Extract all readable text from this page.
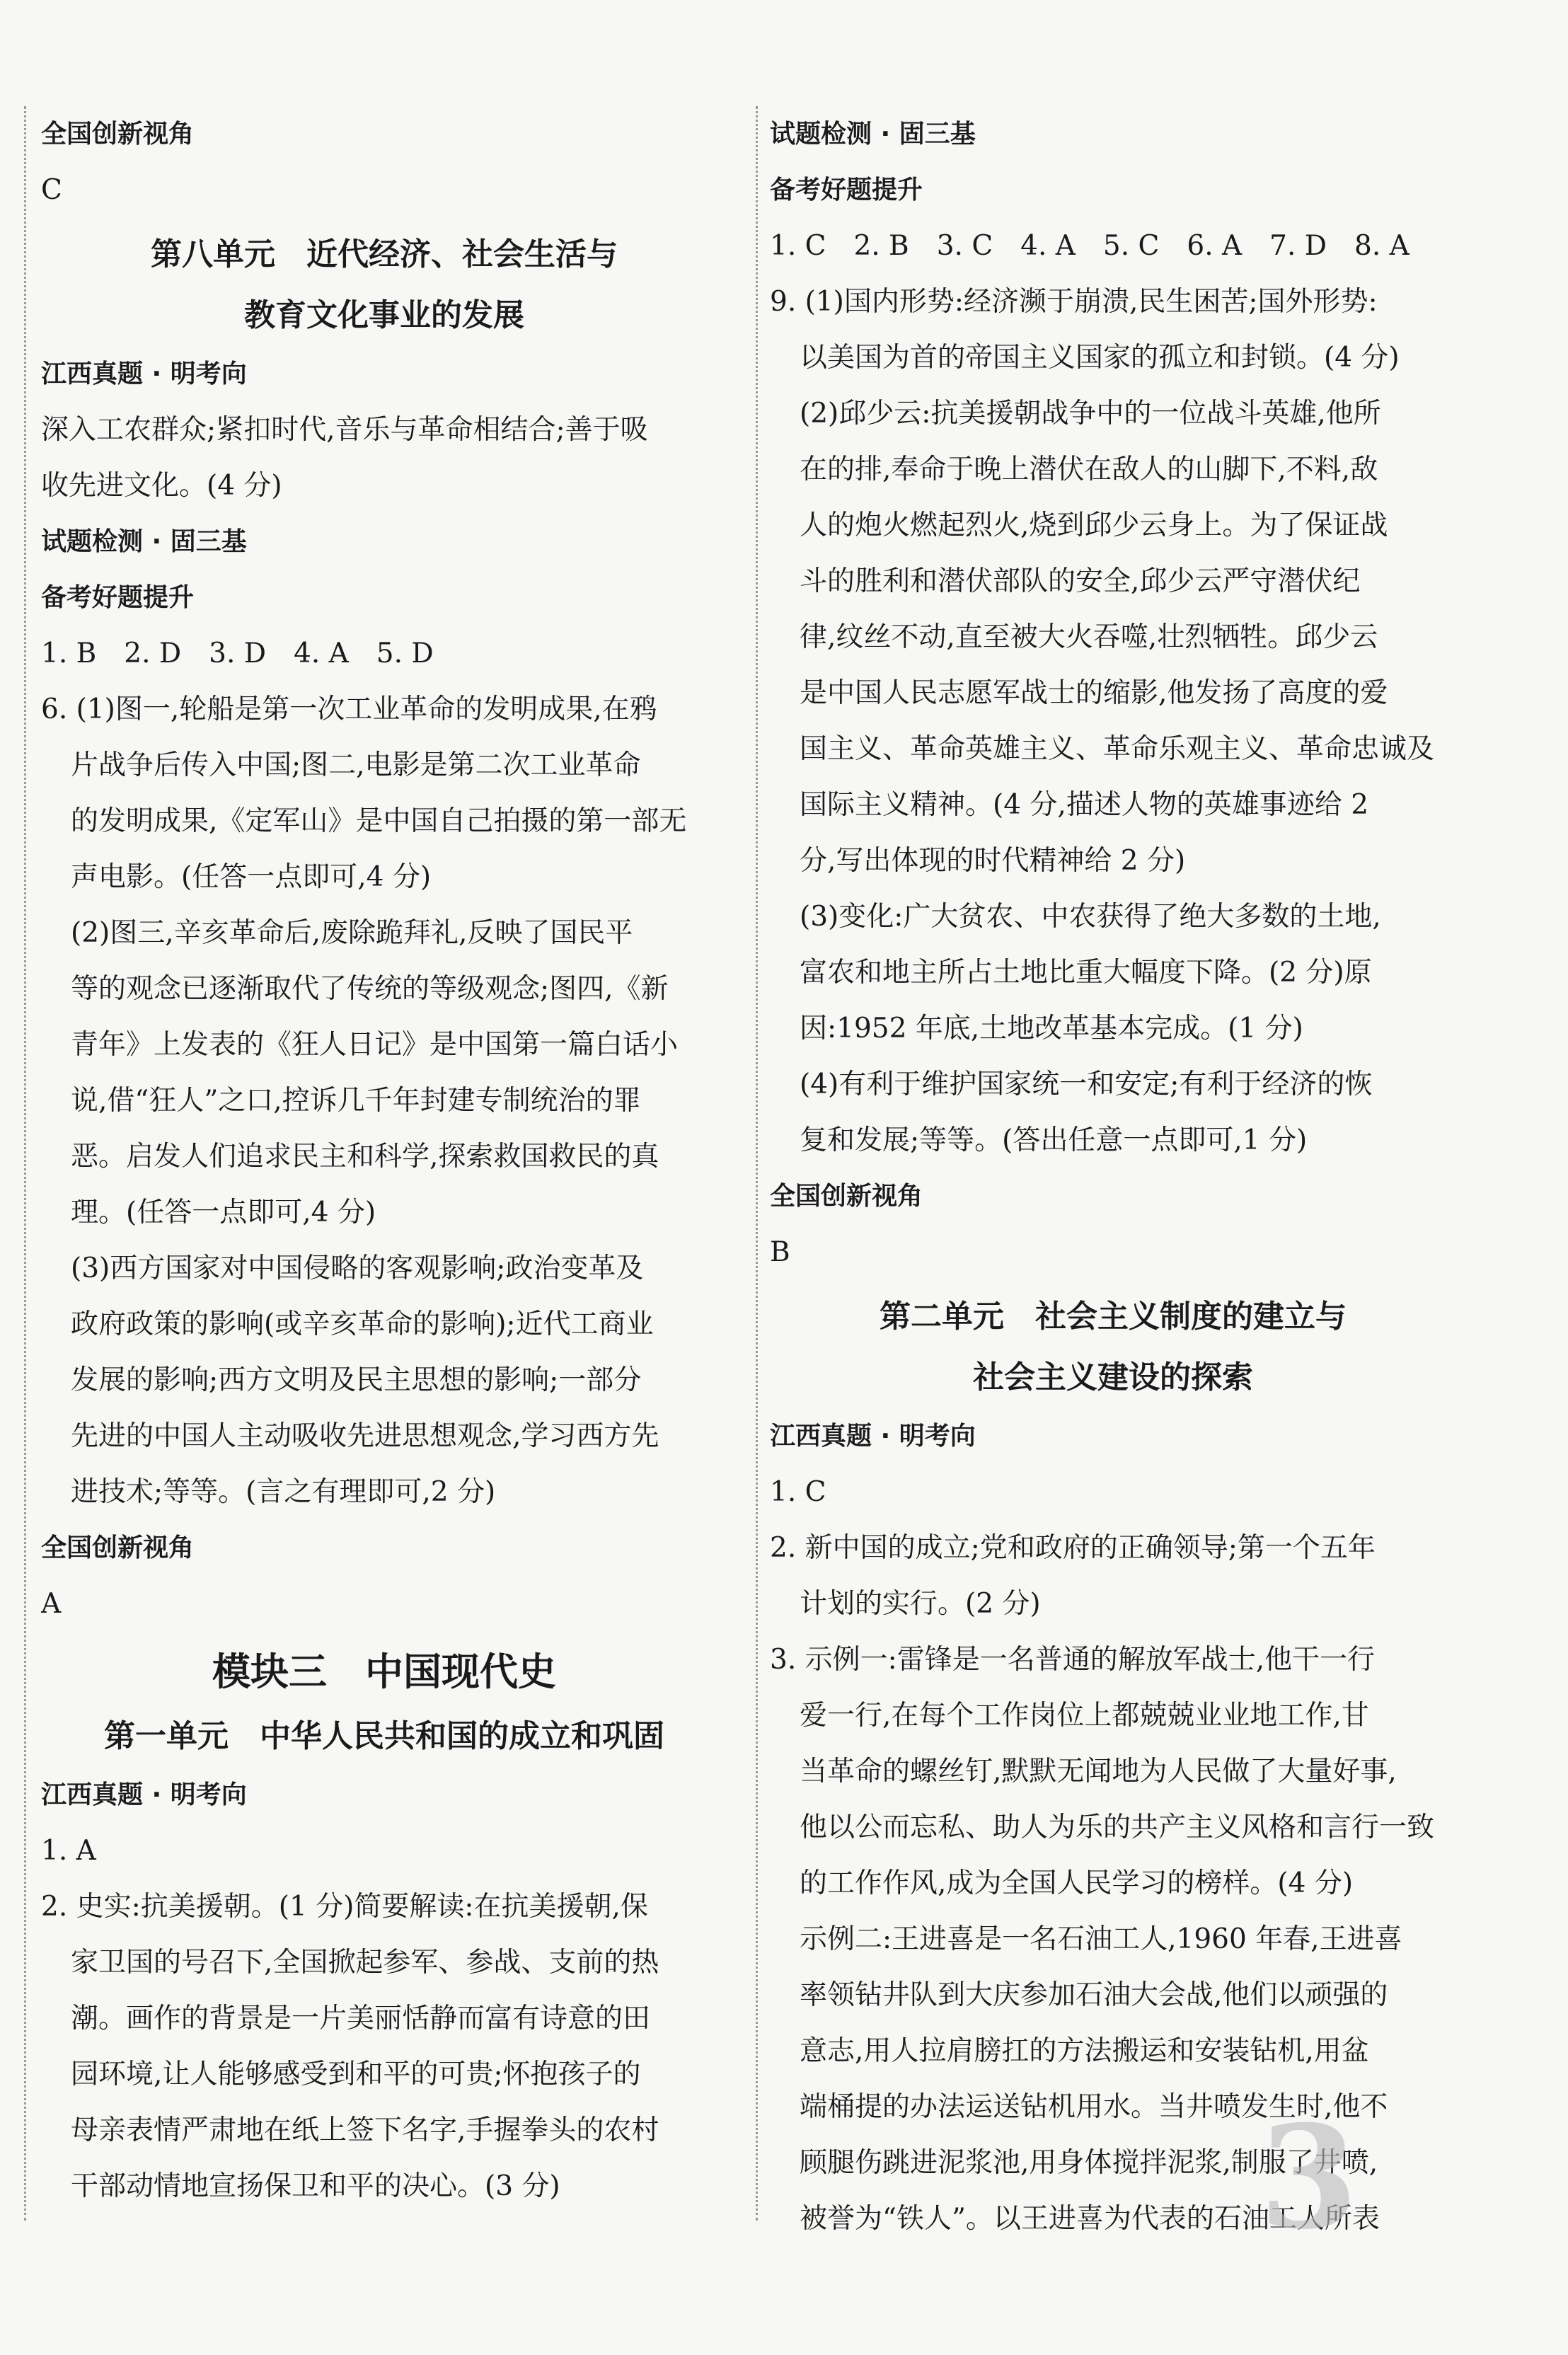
全国创新视角
C
第八单元　近代经济、社会生活与
教育文化事业的发展
江西真题 · 明考向
深入工农群众;紧扣时代,音乐与革命相结合;善于吸
收先进文化。(4 分)
试题检测 · 固三基
备考好题提升
1. B　2. D　3. D　4. A　5. D
6. (1)图一,轮船是第一次工业革命的发明成果,在鸦
片战争后传入中国;图二,电影是第二次工业革命
的发明成果,《定军山》是中国自己拍摄的第一部无
声电影。(任答一点即可,4 分)
(2)图三,辛亥革命后,废除跪拜礼,反映了国民平
等的观念已逐渐取代了传统的等级观念;图四,《新
青年》上发表的《狂人日记》是中国第一篇白话小
说,借“狂人”之口,控诉几千年封建专制统治的罪
恶。启发人们追求民主和科学,探索救国救民的真
理。(任答一点即可,4 分)
(3)西方国家对中国侵略的客观影响;政治变革及
政府政策的影响(或辛亥革命的影响);近代工商业
发展的影响;西方文明及民主思想的影响;一部分
先进的中国人主动吸收先进思想观念,学习西方先
进技术;等等。(言之有理即可,2 分)
全国创新视角
A
模块三　中国现代史
第一单元　中华人民共和国的成立和巩固
江西真题 · 明考向
1. A
2. 史实:抗美援朝。(1 分)简要解读:在抗美援朝,保
家卫国的号召下,全国掀起参军、参战、支前的热
潮。画作的背景是一片美丽恬静而富有诗意的田
园环境,让人能够感受到和平的可贵;怀抱孩子的
母亲表情严肃地在纸上签下名字,手握拳头的农村
干部动情地宣扬保卫和平的决心。(3 分)
试题检测 · 固三基
备考好题提升
1. C　2. B　3. C　4. A　5. C　6. A　7. D　8. A
9. (1)国内形势:经济濒于崩溃,民生困苦;国外形势:
以美国为首的帝国主义国家的孤立和封锁。(4 分)
(2)邱少云:抗美援朝战争中的一位战斗英雄,他所
在的排,奉命于晚上潜伏在敌人的山脚下,不料,敌
人的炮火燃起烈火,烧到邱少云身上。为了保证战
斗的胜利和潜伏部队的安全,邱少云严守潜伏纪
律,纹丝不动,直至被大火吞噬,壮烈牺牲。邱少云
是中国人民志愿军战士的缩影,他发扬了高度的爱
国主义、革命英雄主义、革命乐观主义、革命忠诚及
国际主义精神。(4 分,描述人物的英雄事迹给 2
分,写出体现的时代精神给 2 分)
(3)变化:广大贫农、中农获得了绝大多数的土地,
富农和地主所占土地比重大幅度下降。(2 分)原
因:1952 年底,土地改革基本完成。(1 分)
(4)有利于维护国家统一和安定;有利于经济的恢
复和发展;等等。(答出任意一点即可,1 分)
全国创新视角
B
第二单元　社会主义制度的建立与
社会主义建设的探索
江西真题 · 明考向
1. C
2. 新中国的成立;党和政府的正确领导;第一个五年
计划的实行。(2 分)
3. 示例一:雷锋是一名普通的解放军战士,他干一行
爱一行,在每个工作岗位上都兢兢业业地工作,甘
当革命的螺丝钉,默默无闻地为人民做了大量好事,
他以公而忘私、助人为乐的共产主义风格和言行一致
的工作作风,成为全国人民学习的榜样。(4 分)
示例二:王进喜是一名石油工人,1960 年春,王进喜
率领钻井队到大庆参加石油大会战,他们以顽强的
意志,用人拉肩膀扛的方法搬运和安装钻机,用盆
端桶提的办法运送钻机用水。当井喷发生时,他不
顾腿伤跳进泥浆池,用身体搅拌泥浆,制服了井喷,
被誉为“铁人”。以王进喜为代表的石油工人所表
3
